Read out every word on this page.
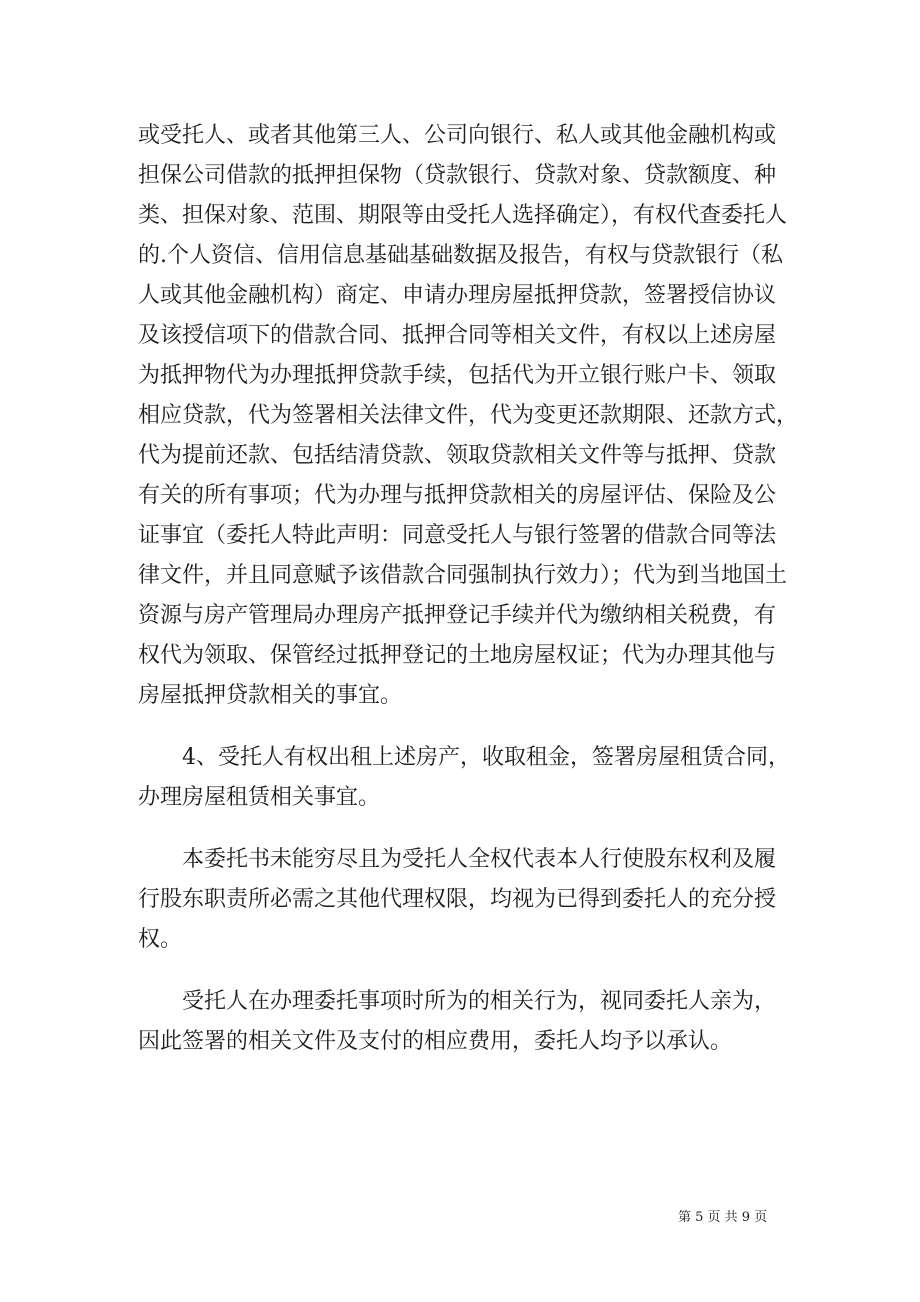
或受托人、或者其他第三人、公司向银行、私人或其他金融机构或
担保公司借款的抵押担保物（贷款银行、贷款对象、贷款额度、种
类、担保对象、范围、期限等由受托人选择确定），有权代查委托人
的.个人资信、信用信息基础基础数据及报告，有权与贷款银行（私
人或其他金融机构）商定、申请办理房屋抵押贷款，签署授信协议
及该授信项下的借款合同、抵押合同等相关文件，有权以上述房屋
为抵押物代为办理抵押贷款手续，包括代为开立银行账户卡、领取
相应贷款，代为签署相关法律文件，代为变更还款期限、还款方式，
代为提前还款、包括结清贷款、领取贷款相关文件等与抵押、贷款
有关的所有事项；代为办理与抵押贷款相关的房屋评估、保险及公
证事宜（委托人特此声明：同意受托人与银行签署的借款合同等法
律文件，并且同意赋予该借款合同强制执行效力）；代为到当地国土
资源与房产管理局办理房产抵押登记手续并代为缴纳相关税费，有
权代为领取、保管经过抵押登记的土地房屋权证；代为办理其他与
房屋抵押贷款相关的事宜。
4、受托人有权出租上述房产，收取租金，签署房屋租赁合同，
办理房屋租赁相关事宜。
本委托书未能穷尽且为受托人全权代表本人行使股东权利及履
行股东职责所必需之其他代理权限，均视为已得到委托人的充分授
权。
受托人在办理委托事项时所为的相关行为，视同委托人亲为，
因此签署的相关文件及支付的相应费用，委托人均予以承认。
第 5 页 共 9 页
